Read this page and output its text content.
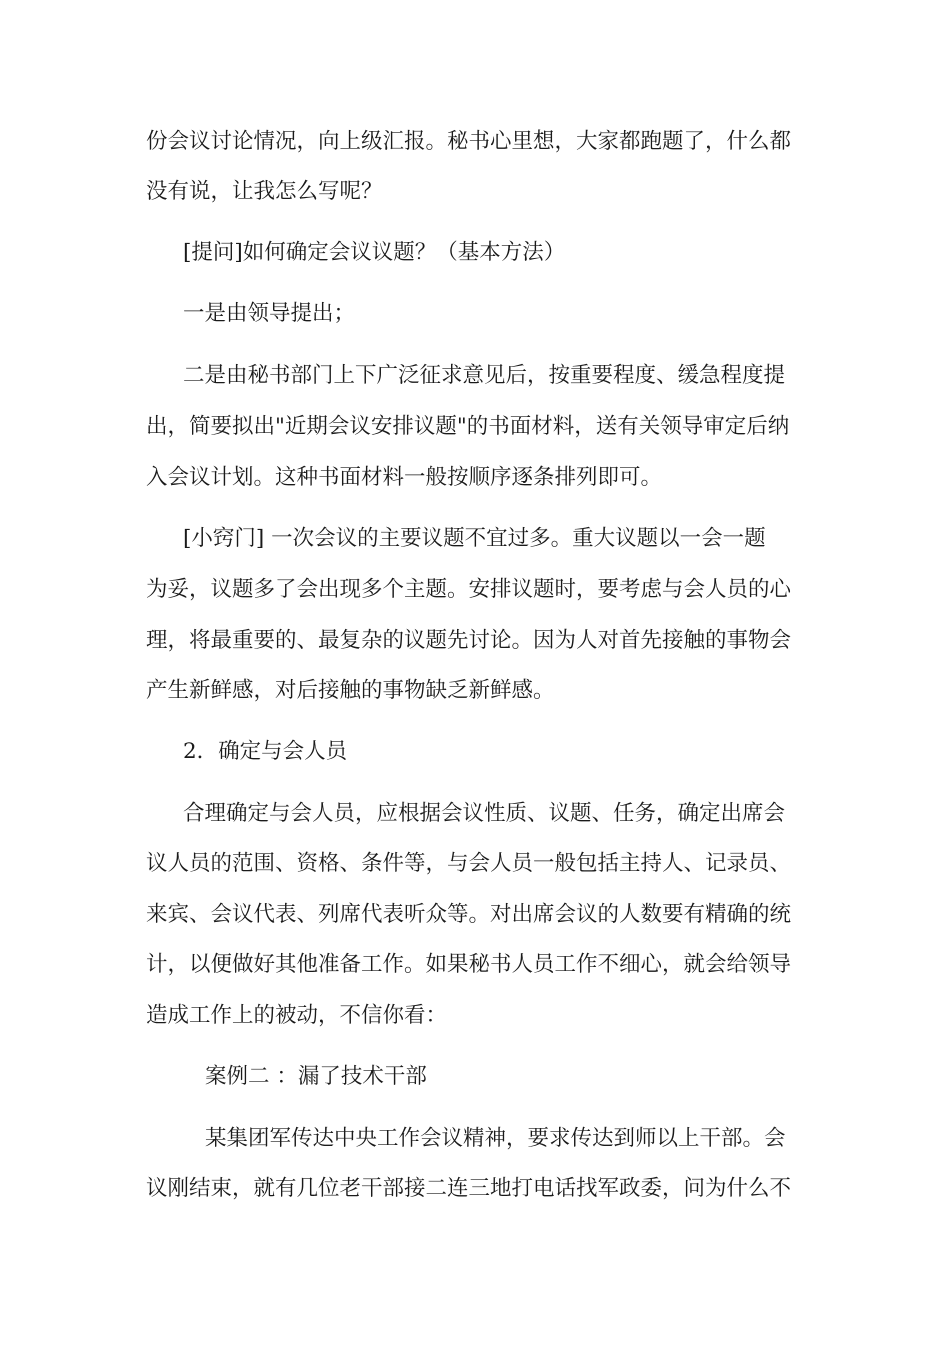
份会议讨论情况，向上级汇报。秘书心里想，大家都跑题了，什么都

没有说，让我怎么写呢？

[提问]如何确定会议议题？（基本方法）

一是由领导提出；

二是由秘书部门上下广泛征求意见后，按重要程度、缓急程度提

出，简要拟出"近期会议安排议题"的书面材料，送有关领导审定后纳

入会议计划。这种书面材料一般按顺序逐条排列即可。

[小窍门] 一次会议的主要议题不宜过多。重大议题以一会一题

为妥，议题多了会出现多个主题。安排议题时，要考虑与会人员的心

理，将最重要的、最复杂的议题先讨论。因为人对首先接触的事物会

产生新鲜感，对后接触的事物缺乏新鲜感。

2．确定与会人员

合理确定与会人员，应根据会议性质、议题、任务，确定出席会

议人员的范围、资格、条件等，与会人员一般包括主持人、记录员、

来宾、会议代表、列席代表听众等。对出席会议的人数要有精确的统

计，以便做好其他准备工作。如果秘书人员工作不细心，就会给领导

造成工作上的被动，不信你看：

案例二 ：漏了技术干部

某集团军传达中央工作会议精神，要求传达到师以上干部。会

议刚结束，就有几位老干部接二连三地打电话找军政委，问为什么不
